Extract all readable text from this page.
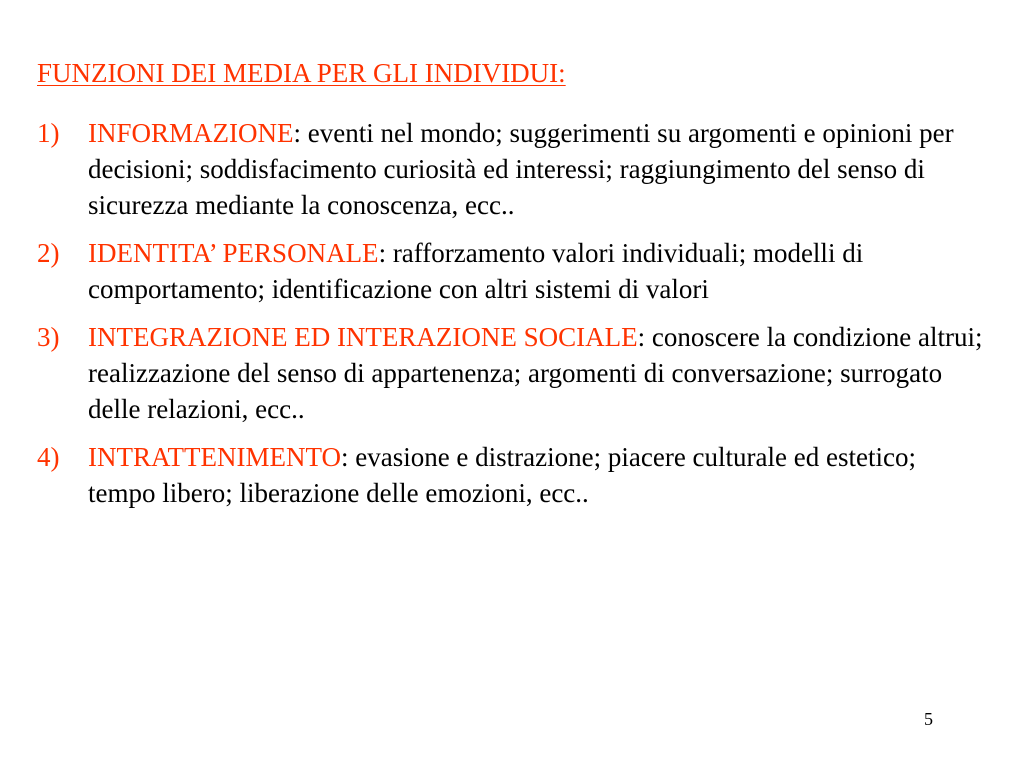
FUNZIONI DEI MEDIA PER GLI INDIVIDUI:
1) INFORMAZIONE: eventi nel mondo; suggerimenti su argomenti e opinioni per decisioni; soddisfacimento curiosità ed interessi; raggiungimento del senso di sicurezza mediante la conoscenza, ecc..
2) IDENTITA’ PERSONALE: rafforzamento valori individuali; modelli di comportamento; identificazione con altri sistemi di valori
3) INTEGRAZIONE ED INTERAZIONE SOCIALE: conoscere la condizione altrui; realizzazione del senso di appartenenza; argomenti di conversazione; surrogato delle relazioni, ecc..
4) INTRATTENIMENTO: evasione e distrazione; piacere culturale ed estetico; tempo libero; liberazione delle emozioni, ecc..
5
